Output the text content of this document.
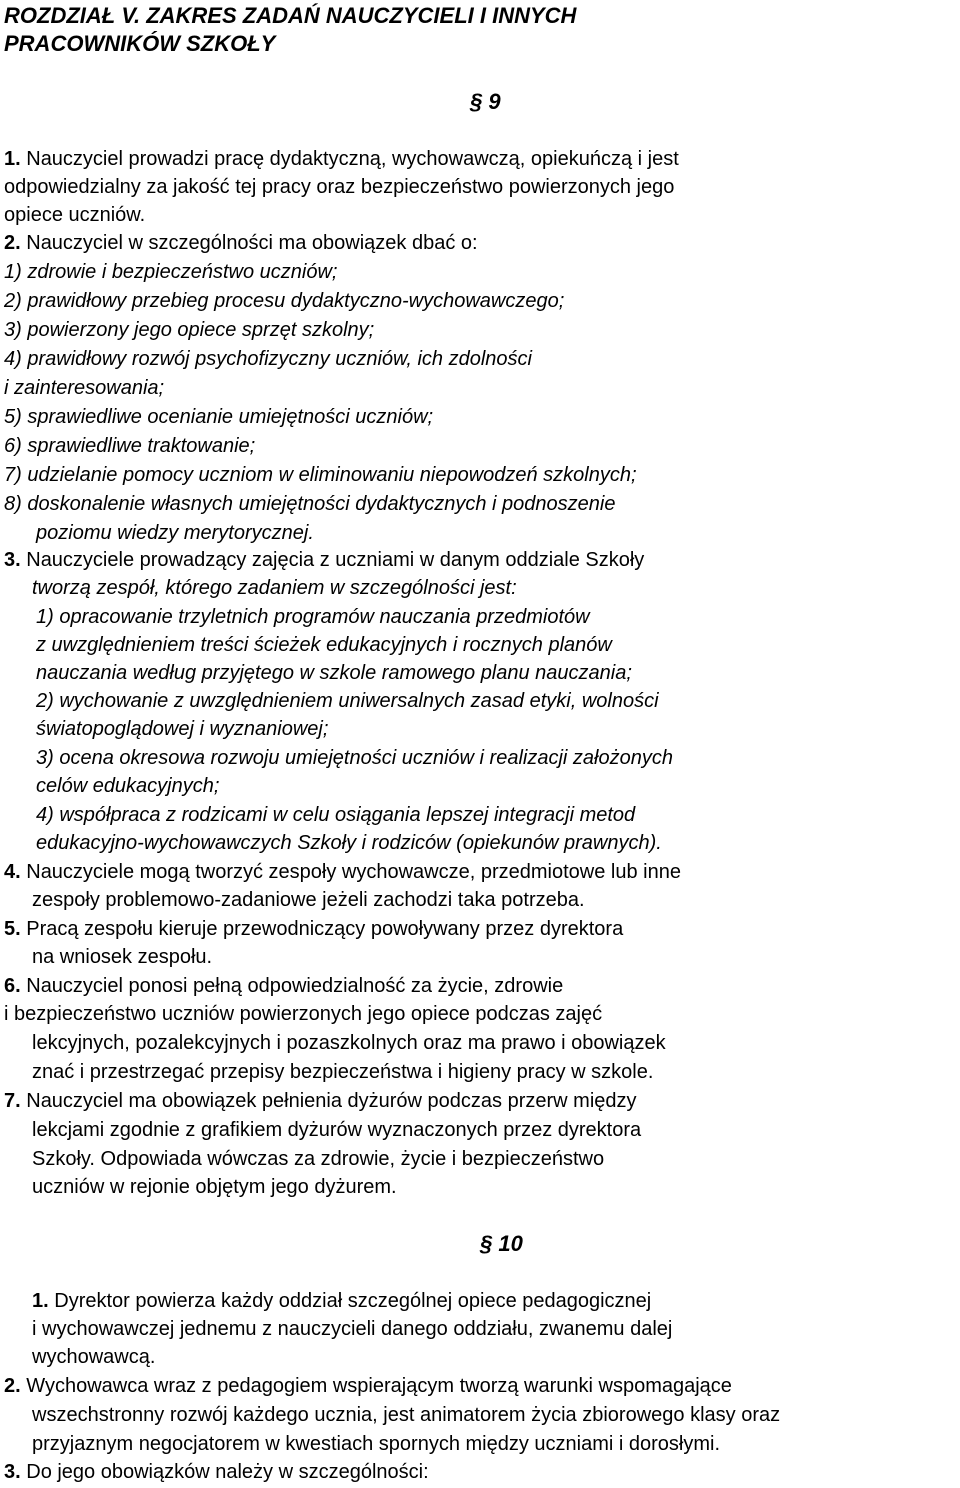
ROZDZIAŁ V. ZAKRES ZADAŃ NAUCZYCIELI I INNYCH
PRACOWNIKÓW SZKOŁY
§ 9
1. Nauczyciel prowadzi pracę dydaktyczną, wychowawczą, opiekuńczą i jest
odpowiedzialny za jakość tej pracy oraz bezpieczeństwo powierzonych jego
opiece uczniów.
2. Nauczyciel w szczególności ma obowiązek dbać o:
1) zdrowie i bezpieczeństwo uczniów;
2) prawidłowy przebieg procesu dydaktyczno-wychowawczego;
3) powierzony jego opiece sprzęt szkolny;
4) prawidłowy rozwój psychofizyczny uczniów, ich zdolności
i zainteresowania;
5) sprawiedliwe ocenianie umiejętności uczniów;
6) sprawiedliwe traktowanie;
7) udzielanie pomocy uczniom w eliminowaniu niepowodzeń szkolnych;
8) doskonalenie własnych umiejętności dydaktycznych i podnoszenie
poziomu wiedzy merytorycznej.
3. Nauczyciele prowadzący zajęcia z uczniami w danym oddziale Szkoły
tworzą zespół, którego zadaniem w szczególności jest:
1) opracowanie trzyletnich programów nauczania przedmiotów
z uwzględnieniem treści ścieżek edukacyjnych i rocznych planów
nauczania według przyjętego w szkole ramowego planu nauczania;
2) wychowanie z uwzględnieniem uniwersalnych zasad etyki, wolności
światopoglądowej i wyznaniowej;
3) ocena okresowa rozwoju umiejętności uczniów i realizacji założonych
celów edukacyjnych;
4) współpraca z rodzicami w celu osiągania lepszej integracji metod
edukacyjno-wychowawczych Szkoły i rodziców (opiekunów prawnych).
4. Nauczyciele mogą tworzyć zespoły wychowawcze, przedmiotowe lub inne
zespoły problemowo-zadaniowe jeżeli zachodzi taka potrzeba.
5. Pracą zespołu kieruje przewodniczący powoływany przez dyrektora
na wniosek zespołu.
6. Nauczyciel ponosi pełną odpowiedzialność za życie, zdrowie
i bezpieczeństwo uczniów powierzonych jego opiece podczas zajęć
lekcyjnych, pozalekcyjnych i pozaszkolnych oraz ma prawo i obowiązek
znać i przestrzegać przepisy bezpieczeństwa i higieny pracy w szkole.
7. Nauczyciel ma obowiązek pełnienia dyżurów podczas przerw między
lekcjami zgodnie z grafikiem dyżurów wyznaczonych przez dyrektora
Szkoły. Odpowiada wówczas za zdrowie, życie i bezpieczeństwo
uczniów w rejonie objętym jego dyżurem.
§ 10
1. Dyrektor powierza każdy oddział szczególnej opiece pedagogicznej
i wychowawczej jednemu z nauczycieli danego oddziału, zwanemu dalej
wychowawcą.
2. Wychowawca wraz z pedagogiem wspierającym tworzą warunki wspomagające
wszechstronny rozwój każdego ucznia, jest animatorem życia zbiorowego klasy oraz
przyjaznym negocjatorem w kwestiach spornych między uczniami i dorosłymi.
3. Do jego obowiązków należy w szczególności:
